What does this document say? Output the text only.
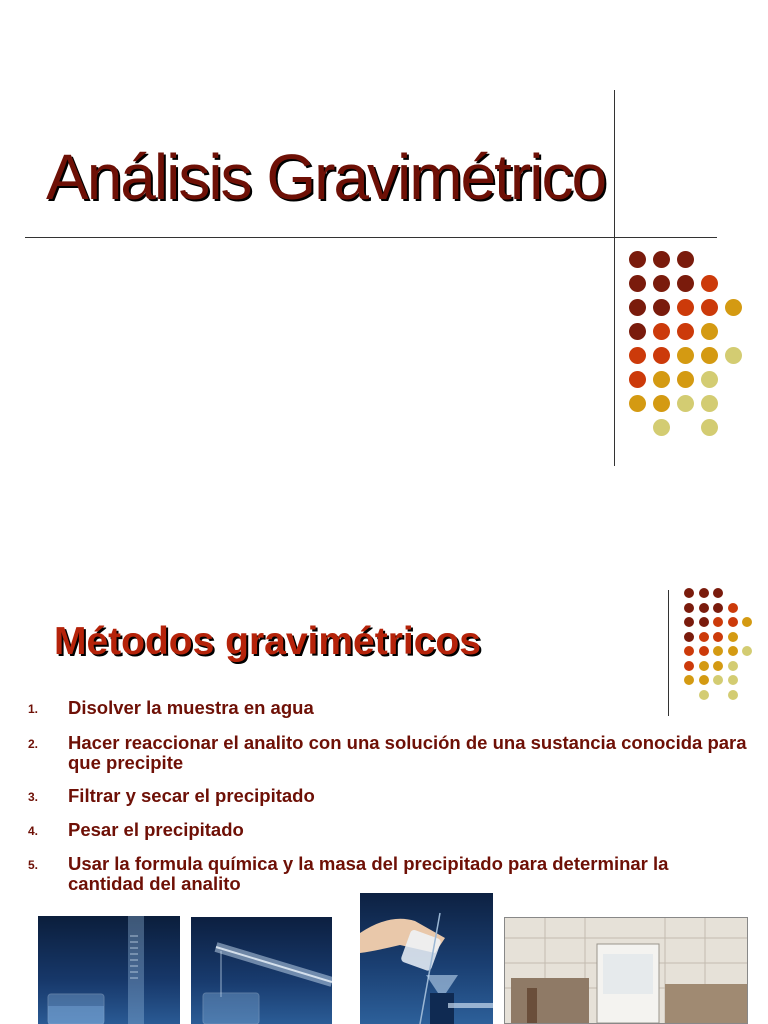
Análisis Gravimétrico
Métodos gravimétricos
1. Disolver la muestra en agua
2. Hacer reaccionar el analito con una solución de una sustancia conocida para que precipite
3. Filtrar y secar el precipitado
4. Pesar el precipitado
5. Usar la formula química y la masa del precipitado para determinar la cantidad del analito
